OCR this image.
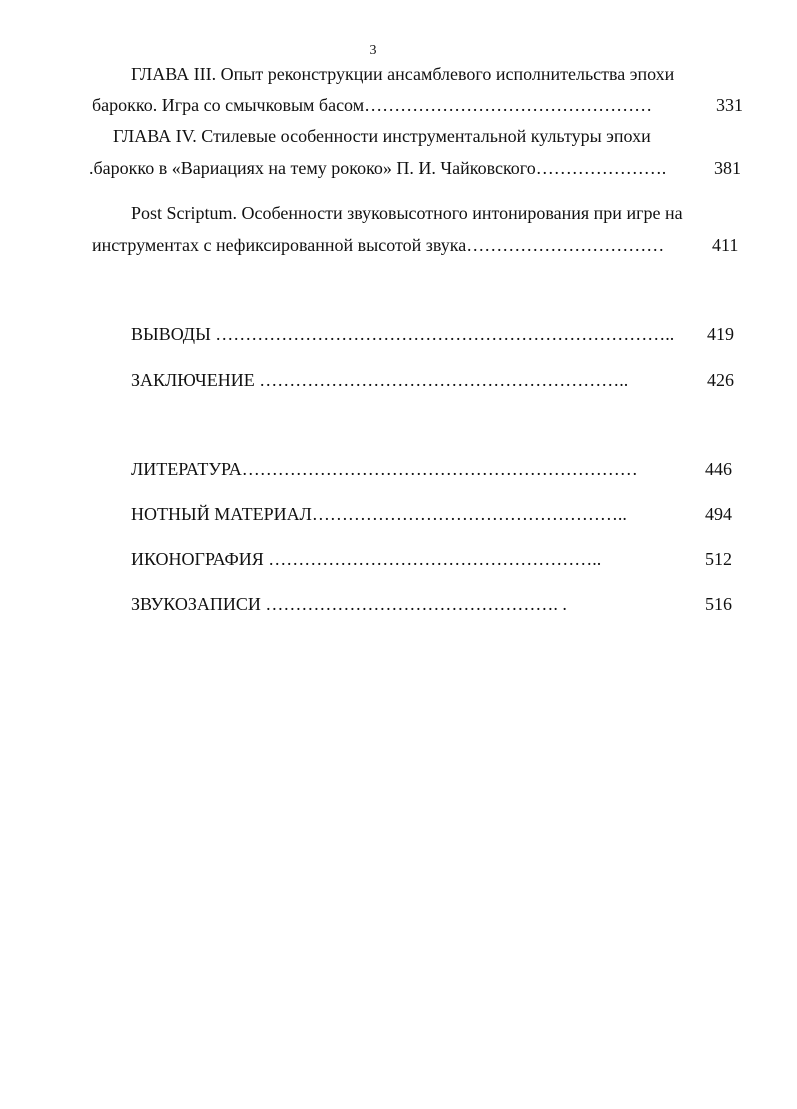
3
ГЛАВА III. Опыт реконструкции ансамблевого исполнительства эпохи
барокко. Игра со смычковым басом…………………………………………	331
ГЛАВА IV. Стилевые особенности инструментальной культуры эпохи
.барокко в «Вариациях на тему рококо» П. И. Чайковского………………….	381
Post Scriptum. Особенности звуковысотного интонирования при игре на
инструментах с нефиксированной высотой звука……………………………	411
ВЫВОДЫ ………………………………………………………………….. 419
ЗАКЛЮЧЕНИЕ ……………………………………………………..	426
ЛИТЕРАТУРА…………………………………………………………	446
НОТНЫЙ МАТЕРИАЛ……………………………………………..	494
ИКОНОГРАФИЯ ………………………………………………..	512
ЗВУКОЗАПИСИ …………………………………………. .	516
